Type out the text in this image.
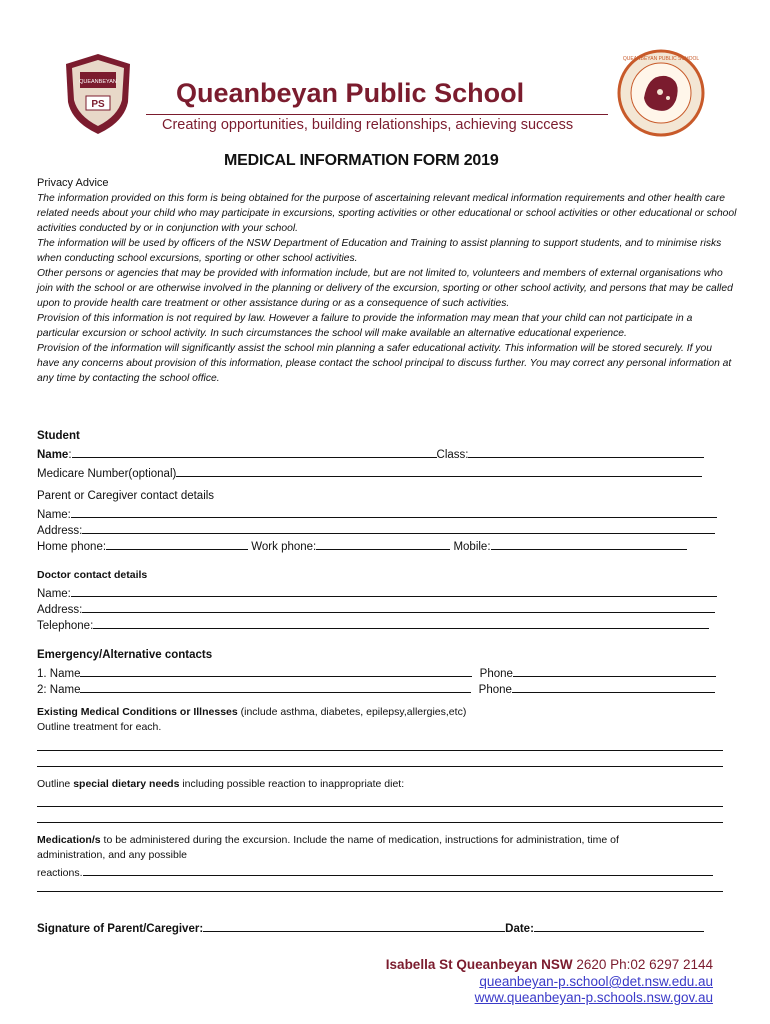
QUEANBEYAN
PS
QUEANBEYAN PUBLIC SCHOOL
Queanbeyan Public School
Creating opportunities, building relationships, achieving success
MEDICAL INFORMATION FORM 2019
Privacy Advice

The information provided on this form is being obtained for the purpose of ascertaining relevant medical information requirements and other health care related needs about your child who may participate in excursions, sporting activities or other educational or school activities or other educational or school activities conducted by or in conjunction with your school.

The information will be used by officers of the NSW Department of Education and Training to assist planning to support students, and to minimise risks when conducting school excursions, sporting or other school activities.

Other persons or agencies that may be provided with information include, but are not limited to, volunteers and members of external organisations who join with the school or are otherwise involved in the planning or delivery of the excursion, sporting or other school activity, and persons that may be called upon to provide health care treatment or other assistance during or as a consequence of such activities.

Provision of this information is not required by law. However a failure to provide the information may mean that your child can not participate in a particular excursion or school activity. In such circumstances the school will make available an alternative educational experience.

Provision of the information will significantly assist the school min planning a safer educational activity. This information will be stored securely. If you have any concerns about provision of this information, please contact the school principal to discuss further. You may correct any personal information at any time by contacting the school office.

Student
Name:	Class:
Medicare Number(optional)
Parent or Caregiver contact details
Name:
Address:
Home phone:	Work phone:	Mobile:
Doctor contact details
Name:
Address:
Telephone:
Emergency/Alternative contacts
1. Name	Phone
2: Name	Phone
Existing Medical Conditions or Illnesses (include asthma, diabetes, epilepsy,allergies,etc)
Outline treatment for each.
Outline special dietary needs including possible reaction to inappropriate diet:
Medication/s to be administered during the excursion. Include the name of medication, instructions for administration, time of
administration, and any possible
reactions.
Signature of Parent/Caregiver:	Date:
Isabella St Queanbeyan NSW 2620 Ph:02 6297 2144
queanbeyan-p.school@det.nsw.edu.au
www.queanbeyan-p.schools.nsw.gov.au
